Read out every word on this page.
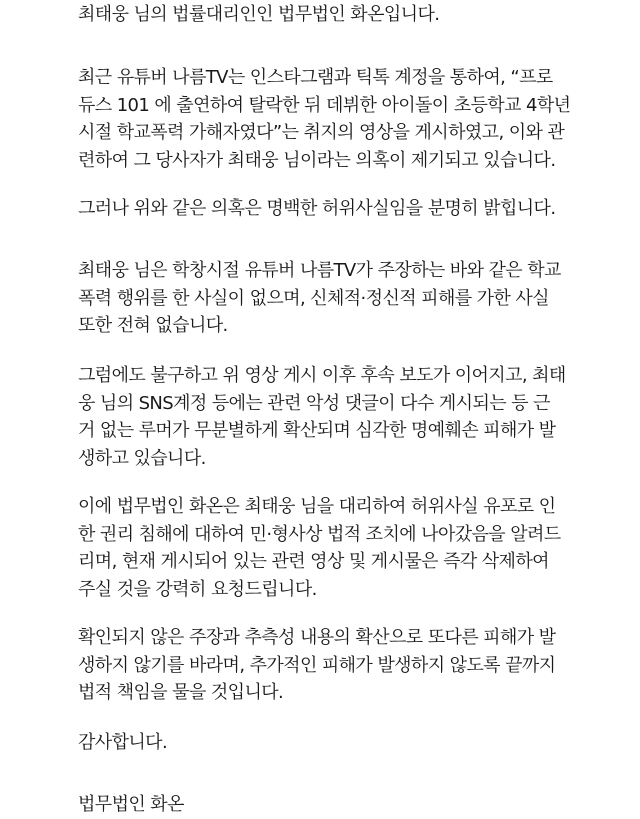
최태웅 님의 법률대리인인 법무법인 화온입니다.

최근 유튜버 나름TV는 인스타그램과 틱톡 계정을 통하여, “프로
듀스 101 에 출연하여 탈락한 뒤 데뷔한 아이돌이 초등학교 4학년
시절 학교폭력 가해자였다”는 취지의 영상을 게시하였고, 이와 관
련하여 그 당사자가 최태웅 님이라는 의혹이 제기되고 있습니다.

그러나 위와 같은 의혹은 명백한 허위사실임을 분명히 밝힙니다.

최태웅 님은 학창시절 유튜버 나름TV가 주장하는 바와 같은 학교
폭력 행위를 한 사실이 없으며, 신체적·정신적 피해를 가한 사실
또한 전혀 없습니다.

그럼에도 불구하고 위 영상 게시 이후 후속 보도가 이어지고, 최태
웅 님의 SNS계정 등에는 관련 악성 댓글이 다수 게시되는 등 근
거 없는 루머가 무분별하게 확산되며 심각한 명예훼손 피해가 발
생하고 있습니다.

이에 법무법인 화온은 최태웅 님을 대리하여 허위사실 유포로 인
한 권리 침해에 대하여 민·형사상 법적 조치에 나아갔음을 알려드
리며, 현재 게시되어 있는 관련 영상 및 게시물은 즉각 삭제하여
주실 것을 강력히 요청드립니다.

확인되지 않은 주장과 추측성 내용의 확산으로 또다른 피해가 발
생하지 않기를 바라며, 추가적인 피해가 발생하지 않도록 끝까지
법적 책임을 물을 것입니다.

감사합니다.

법무법인 화온
